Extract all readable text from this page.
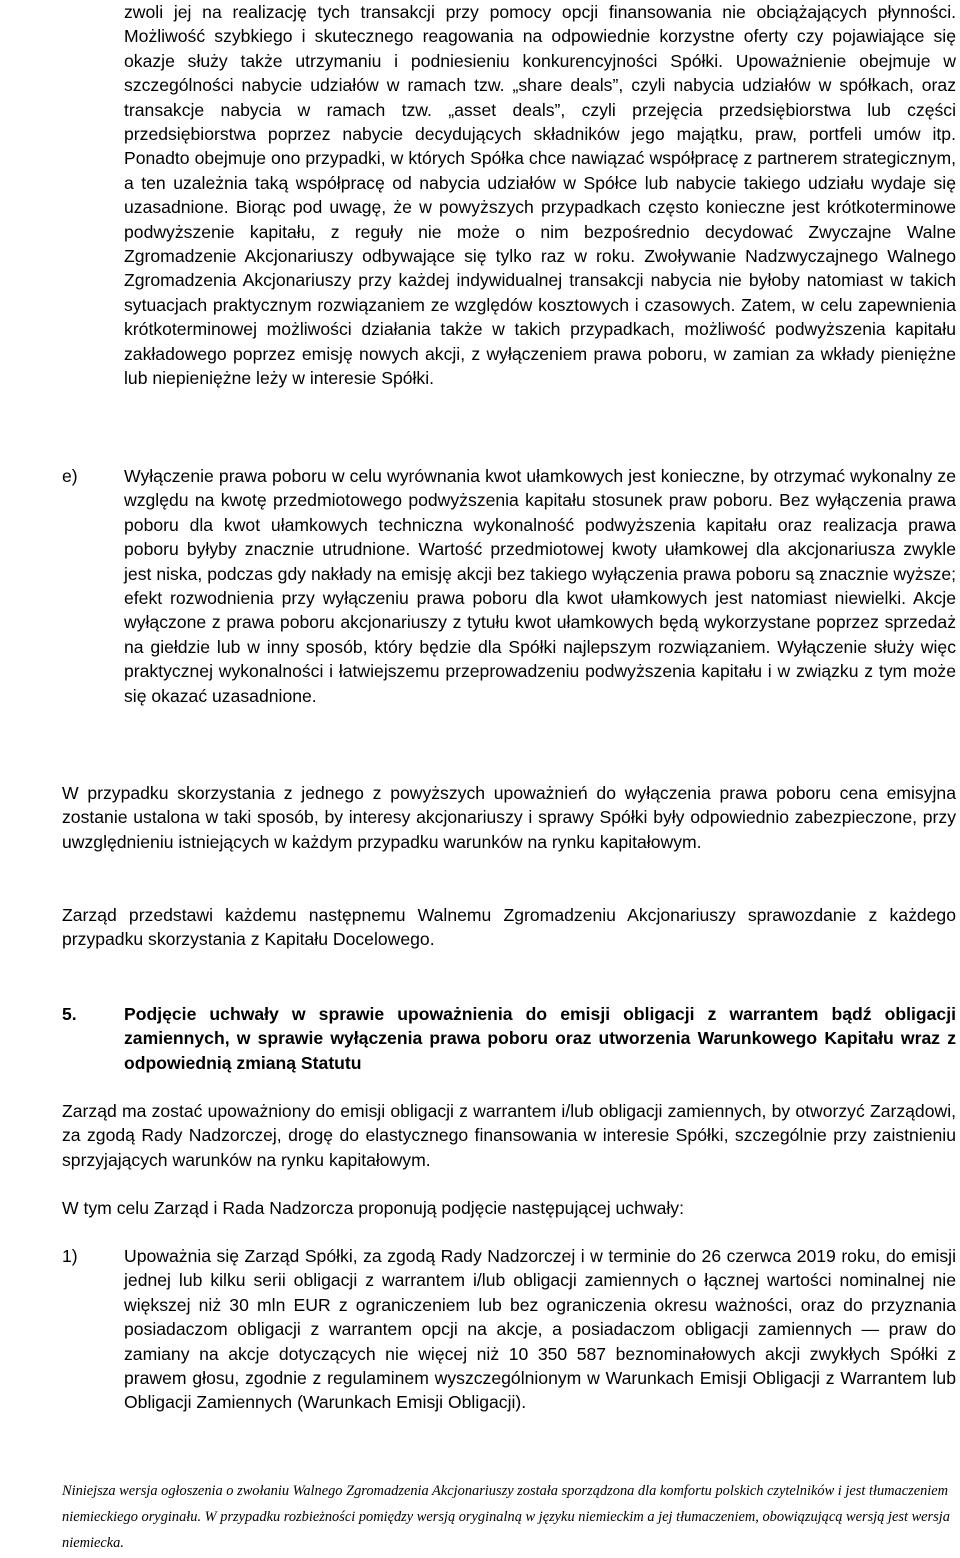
zwoli jej na realizację tych transakcji przy pomocy opcji finansowania nie obciążających płynności. Możliwość szybkiego i skutecznego reagowania na odpowiednie korzystne oferty czy pojawiające się okazje służy także utrzymaniu i podniesieniu konkurencyjności Spółki. Upoważnienie obejmuje w szczególności nabycie udziałów w ramach tzw. „share deals”, czyli nabycia udziałów w spółkach, oraz transakcje nabycia w ramach tzw. „asset deals”, czyli przejęcia przedsiębiorstwa lub części przedsiębiorstwa poprzez nabycie decydujących składników jego majątku, praw, portfeli umów itp. Ponadto obejmuje ono przypadki, w których Spółka chce nawiązać współpracę z partnerem strategicznym, a ten uzależnia taką współpracę od nabycia udziałów w Spółce lub nabycie takiego udziału wydaje się uzasadnione. Biorąc pod uwagę, że w powyższych przypadkach często konieczne jest krótkoterminowe podwyższenie kapitału, z reguły nie może o nim bezpośrednio decydować Zwyczajne Walne Zgromadzenie Akcjonariuszy odbywające się tylko raz w roku. Zwoływanie Nadzwyczajnego Walnego Zgromadzenia Akcjonariuszy przy każdej indywidualnej transakcji nabycia nie byłoby natomiast w takich sytuacjach praktycznym rozwiązaniem ze względów kosztowych i czasowych. Zatem, w celu zapewnienia krótkoterminowej możliwości działania także w takich przypadkach, możliwość podwyższenia kapitału zakładowego poprzez emisję nowych akcji, z wyłączeniem prawa poboru, w zamian za wkłady pieniężne lub niepieniężne leży w interesie Spółki.

e)	Wyłączenie prawa poboru w celu wyrównania kwot ułamkowych jest konieczne, by otrzymać wykonalny ze względu na kwotę przedmiotowego podwyższenia kapitału stosunek praw poboru. Bez wyłączenia prawa poboru dla kwot ułamkowych techniczna wykonalność podwyższenia kapitału oraz realizacja prawa poboru byłyby znacznie utrudnione. Wartość przedmiotowej kwoty ułamkowej dla akcjonariusza zwykle jest niska, podczas gdy nakłady na emisję akcji bez takiego wyłączenia prawa poboru są znacznie wyższe; efekt rozwodnienia przy wyłączeniu prawa poboru dla kwot ułamkowych jest natomiast niewielki. Akcje wyłączone z prawa poboru akcjonariuszy z tytułu kwot ułamkowych będą wykorzystane poprzez sprzedaż na giełdzie lub w inny sposób, który będzie dla Spółki najlepszym rozwiązaniem. Wyłączenie służy więc praktycznej wykonalności i łatwiejszemu przeprowadzeniu podwyższenia kapitału i w związku z tym może się okazać uzasadnione.

W przypadku skorzystania z jednego z powyższych upoważnień do wyłączenia prawa poboru cena emisyjna zostanie ustalona w taki sposób, by interesy akcjonariuszy i sprawy Spółki były odpowiednio zabezpieczone, przy uwzględnieniu istniejących w każdym przypadku warunków na rynku kapitałowym.

Zarząd przedstawi każdemu następnemu Walnemu Zgromadzeniu Akcjonariuszy sprawozdanie z każdego przypadku skorzystania z Kapitału Docelowego.

5.	Podjęcie uchwały w sprawie upoważnienia do emisji obligacji z warrantem bądź obligacji zamiennych, w sprawie wyłączenia prawa poboru oraz utworzenia Warunkowego Kapitału wraz z odpowiednią zmianą Statutu

Zarząd ma zostać upoważniony do emisji obligacji z warrantem i/lub obligacji zamiennych, by otworzyć Zarządowi, za zgodą Rady Nadzorczej, drogę do elastycznego finansowania w interesie Spółki, szczególnie przy zaistnieniu sprzyjających warunków na rynku kapitałowym.

W tym celu Zarząd i Rada Nadzorcza proponują podjęcie następującej uchwały:

1)	Upoważnia się Zarząd Spółki, za zgodą Rady Nadzorczej i w terminie do 26 czerwca 2019 roku, do emisji jednej lub kilku serii obligacji z warrantem i/lub obligacji zamiennych o łącznej wartości nominalnej nie większej niż 30 mln EUR z ograniczeniem lub bez ograniczenia okresu ważności, oraz do przyznania posiadaczom obligacji z warrantem opcji na akcje, a posiadaczom obligacji zamiennych — praw do zamiany na akcje dotyczących nie więcej niż 10 350 587 beznominałowych akcji zwykłych Spółki z prawem głosu, zgodnie z regulaminem wyszczególnionym w Warunkach Emisji Obligacji z Warrantem lub Obligacji Zamiennych (Warunkach Emisji Obligacji).

Niniejsza wersja ogłoszenia o zwołaniu Walnego Zgromadzenia Akcjonariuszy została sporządzona dla komfortu polskich czytelników i jest tłumaczeniem niemieckiego oryginału. W przypadku rozbieżności pomiędzy wersją oryginalną w języku niemieckim a jej tłumaczeniem, obowiązującą wersją jest wersja niemiecka.
